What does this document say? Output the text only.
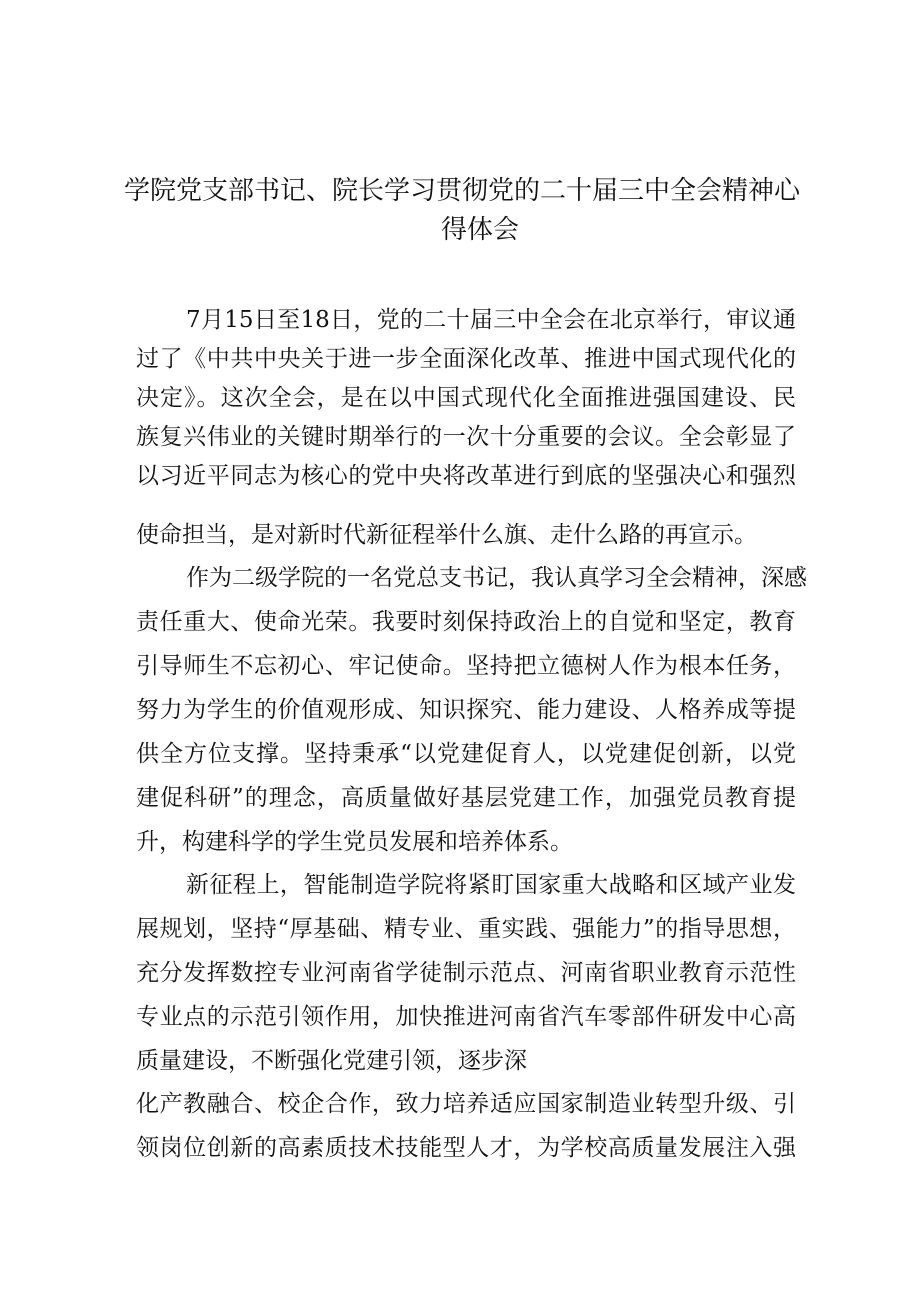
学院党支部书记、院长学习贯彻党的二十届三中全会精神心
得体会
7月15日至18日，党的二十届三中全会在北京举行，审议通
过了《中共中央关于进一步全面深化改革、推进中国式现代化的
决定》。这次全会，是在以中国式现代化全面推进强国建设、民
族复兴伟业的关键时期举行的一次十分重要的会议。全会彰显了
以习近平同志为核心的党中央将改革进行到底的坚强决心和强烈
使命担当，是对新时代新征程举什么旗、走什么路的再宣示。
作为二级学院的一名党总支书记，我认真学习全会精神，深感
责任重大、使命光荣。我要时刻保持政治上的自觉和坚定，教育
引导师生不忘初心、牢记使命。坚持把立德树人作为根本任务，
努力为学生的价值观形成、知识探究、能力建设、人格养成等提
供全方位支撑。坚持秉承“以党建促育人，以党建促创新，以党
建促科研”的理念，高质量做好基层党建工作，加强党员教育提
升，构建科学的学生党员发展和培养体系。
新征程上，智能制造学院将紧盯国家重大战略和区域产业发
展规划，坚持“厚基础、精专业、重实践、强能力”的指导思想，
充分发挥数控专业河南省学徒制示范点、河南省职业教育示范性
专业点的示范引领作用，加快推进河南省汽车零部件研发中心高
质量建设，不断强化党建引领，逐步深
化产教融合、校企合作，致力培养适应国家制造业转型升级、引
领岗位创新的高素质技术技能型人才，为学校高质量发展注入强
